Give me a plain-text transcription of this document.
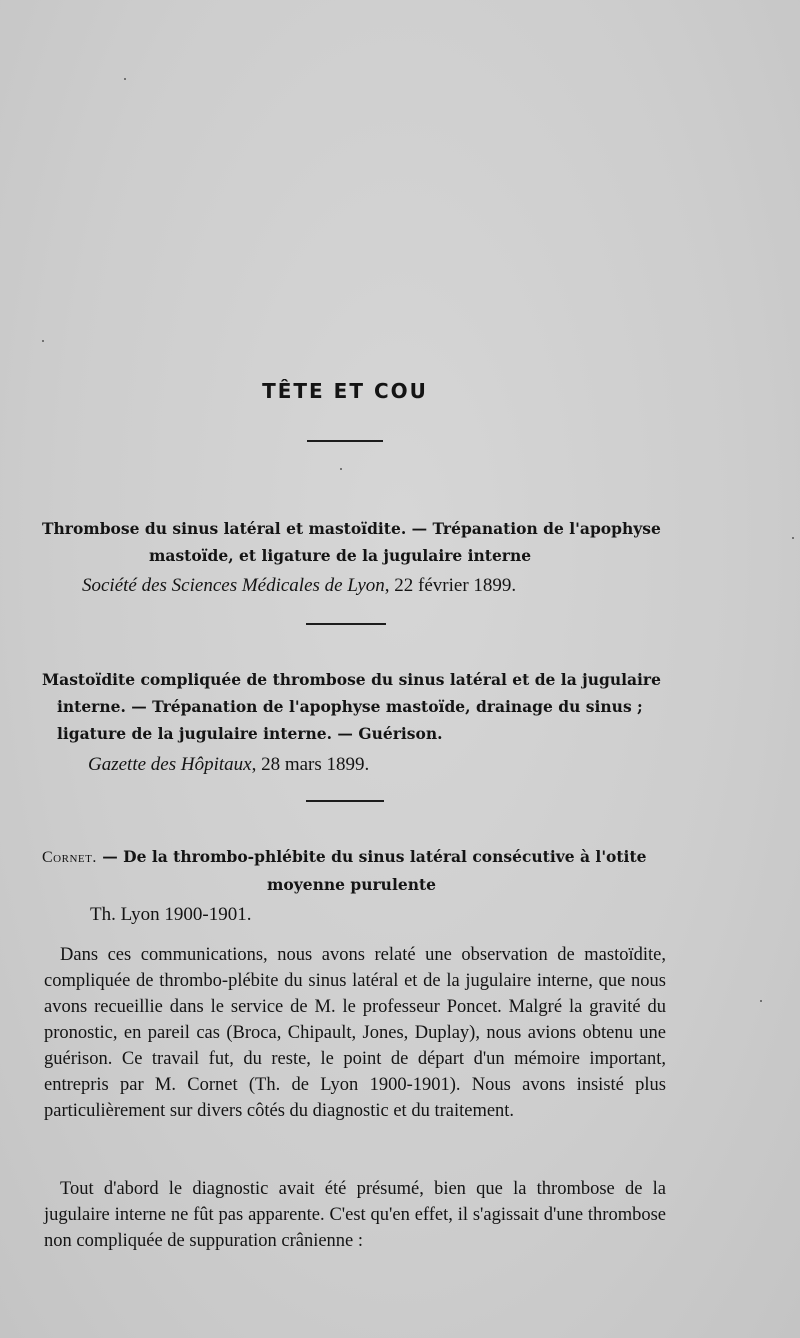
TÊTE ET COU
Thrombose du sinus latéral et mastoïdite. — Trépanation de l'apophyse
mastoïde, et ligature de la jugulaire interne

Société des Sciences Médicales de Lyon, 22 février 1899.

Mastoïdite compliquée de thrombose du sinus latéral et de la jugulaire
interne. — Trépanation de l'apophyse mastoïde, drainage du sinus ;
ligature de la jugulaire interne. — Guérison.

Gazette des Hôpitaux, 28 mars 1899.

Cornet. — De la thrombo-phlébite du sinus latéral consécutive à l'otite
moyenne purulente

Th. Lyon 1900-1901.

Dans ces communications, nous avons relaté une observation de mastoïdite, compliquée de thrombo-plébite du sinus latéral et de la jugulaire interne, que nous avons recueillie dans le service de M. le professeur Poncet. Malgré la gravité du pronostic, en pareil cas (Broca, Chipault, Jones, Duplay), nous avions obtenu une guérison. Ce travail fut, du reste, le point de départ d'un mémoire important, entrepris par M. Cornet (Th. de Lyon 1900-1901). Nous avons insisté plus particulièrement sur divers côtés du diagnostic et du traitement.

Tout d'abord le diagnostic avait été présumé, bien que la thrombose de la jugulaire interne ne fût pas apparente. C'est qu'en effet, il s'agissait d'une thrombose non compliquée de suppuration crânienne :
